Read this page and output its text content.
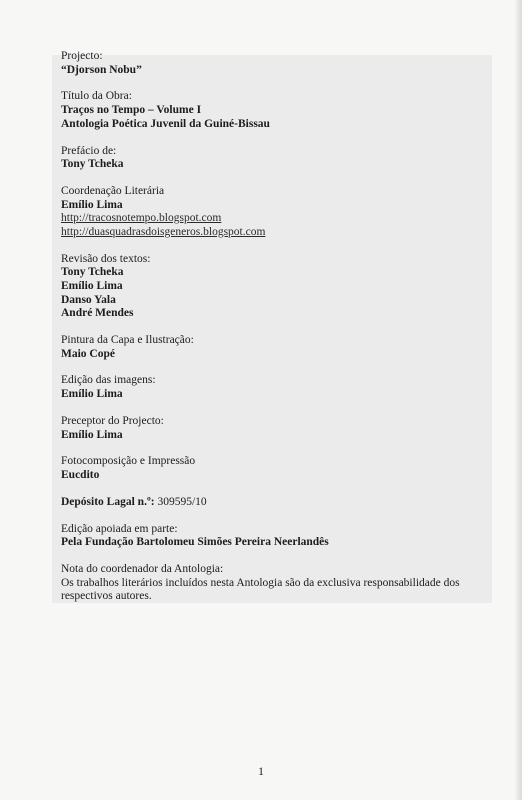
Projecto:
“Djorson Nobu”
Título da Obra:
Traços no Tempo – Volume I
Antologia Poética Juvenil da Guiné-Bissau
Prefácio de:
Tony Tcheka
Coordenação Literária
Emílio Lima
http://tracosnotempo.blogspot.com
http://duasquadrasdoisgeneros.blogspot.com
Revisão dos textos:
Tony Tcheka
Emílio Lima
Danso Yala
André Mendes
Pintura da Capa e Ilustração:
Maio Copé
Edição das imagens:
Emílio Lima
Preceptor do Projecto:
Emílio Lima
Fotocomposição e Impressão
Eucdito
Depósito Lagal n.º: 309595/10
Edição apoiada em parte:
Pela Fundação Bartolomeu Simões Pereira Neerlandês
Nota do coordenador da Antologia:
Os trabalhos literários incluídos nesta Antologia são da exclusiva responsabilidade dos respectivos autores.
1
